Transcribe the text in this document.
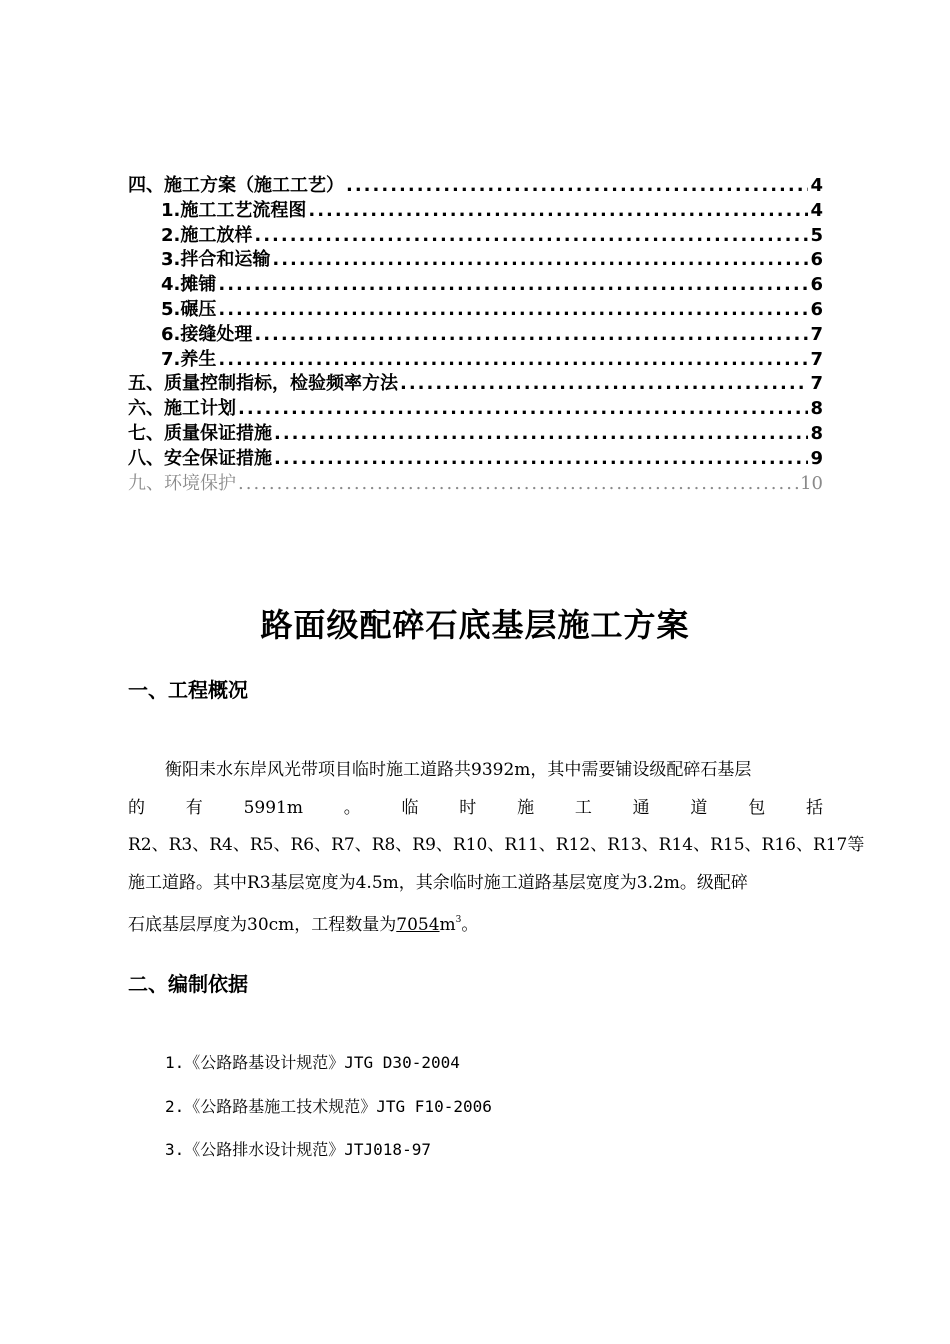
四、施工方案（施工工艺） .....	4
1.施工工艺流程图 .....	4
2.施工放样 .....	5
3.拌合和运输 .....	6
4.摊铺 .....	6
5.碾压 .....	6
6.接缝处理 .....	7
7.养生 .....	7
五、质量控制指标，检验频率方法 .....	7
六、施工计划 .....	8
七、质量保证措施 .....	8
八、安全保证措施 .....	9
九、环境保护 .....	10
路面级配碎石底基层施工方案
一、工程概况
衡阳耒水东岸风光带项目临时施工道路共9392m，其中需要铺设级配碎石基层
的 有 5991m 。 临 时 施 工 通 道 包 括
R2、R3、R4、R5、R6、R7、R8、R9、R10、R11、R12、R13、R14、R15、R16、R17等
施工道路。其中R3基层宽度为4.5m，其余临时施工道路基层宽度为3.2m。级配碎
石底基层厚度为30cm，工程数量为$7054m^3$。
二、编制依据
1.《公路路基设计规范》JTG D30-2004
2.《公路路基施工技术规范》JTG F10-2006
3.《公路排水设计规范》JTJ018-97
